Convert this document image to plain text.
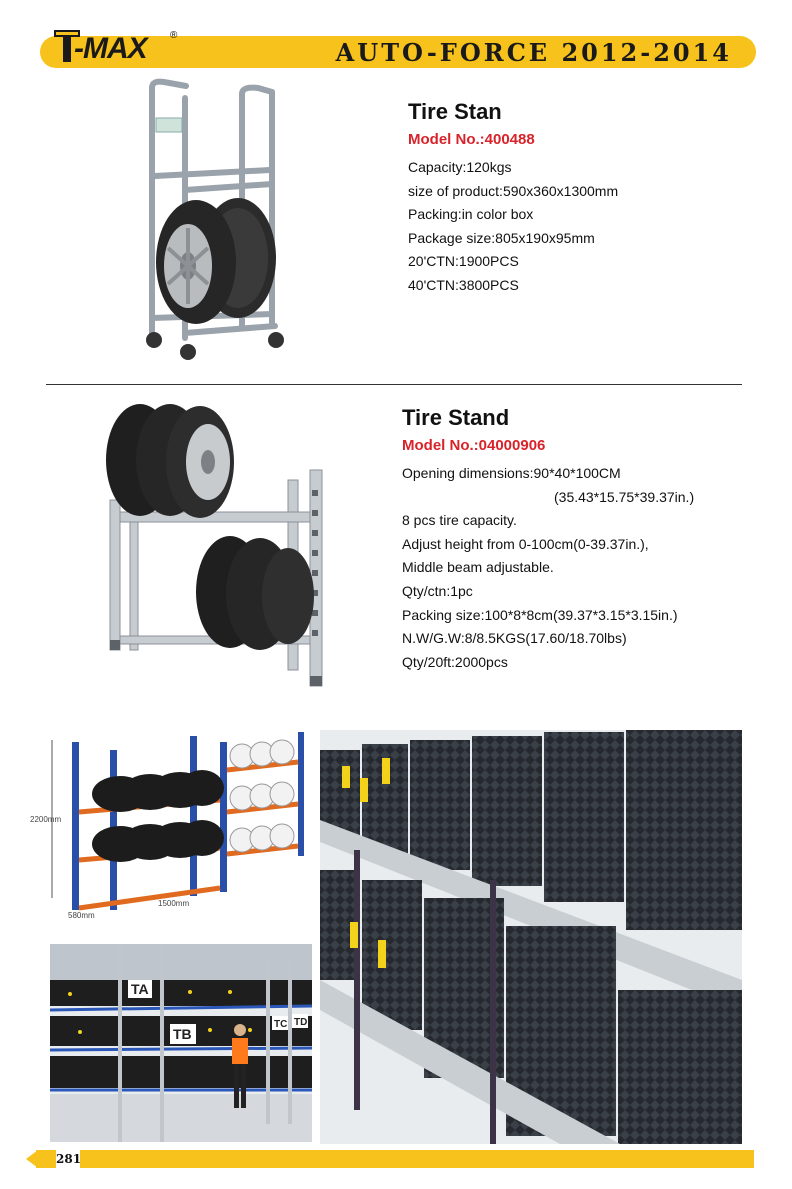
-MAX ®
AUTO-FORCE 2012-2014
Tire Stan
Model No.:400488

Capacity:120kgs

size of product:590x360x1300mm

Packing:in color box

Package size:805x190x95mm

20'CTN:1900PCS

40'CTN:3800PCS

Tire Stand
Model No.:04000906

Opening dimensions:90*40*100CM

(35.43*15.75*39.37in.)

8 pcs tire capacity.

Adjust height from 0-100cm(0-39.37in.),

Middle beam adjustable.

Qty/ctn:1pc

Packing size:100*8*8cm(39.37*3.15*3.15in.)

N.W/G.W:8/8.5KGS(17.60/18.70lbs)

Qty/20ft:2000pcs

2200mm
580mm
1500mm
TA
TB
TC TD
281
